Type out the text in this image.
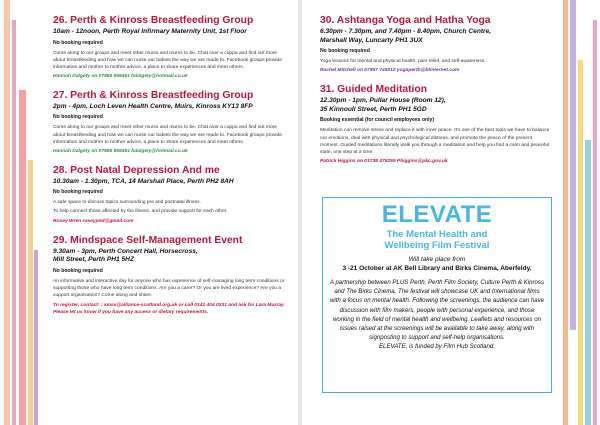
26. Perth & Kinross Breastfeeding Group
10am - 12noon, Perth Royal Infirmary Maternity Unit, 1st Floor
No booking required
Come along to our groups and meet other mums and mums to be. Chat over a cuppa and find out more about breastfeeding and how we can nurse our babies the way we are made to. Facebook groups provide information and mother to mother advice, a place to share experiences and meet others.
Hannah Dalgety on 07886 859461 hdalgety@hotmail.co.uk
27. Perth & Kinross Breastfeeding Group
2pm - 4pm, Loch Leven Health Centre, Muirs, Kinross KY13 8FP
No booking required
Come along to our groups and meet other mums and mums to be. Chat over a cuppa and find out more about breastfeeding and how we can nurse our babies the way we are made to. Facebook groups provide information and mother to mother advice, a place to share experiences and meet others.
Hannah Dalgety on 07886 859461 hdalgety@hotmail.co.uk
28. Post Natal Depression And me
10.30am - 1.30pm, TCA, 14 Marshall Place, Perth PH2 8AH
No booking required
A safe space to discuss topics surrounding pre and postnatal illness.
To help connect those affected by the illness, and provide support for each other.
Rosey Wren roseypnd@gmail.com
29. Mindspace Self-Management Event
9.30am - 3pm, Perth Concert Hall, Horsecross,
Mill Street, Perth PH1 5HZ
No booking required
An informative and interactive day for anyone who has experience of self-managing long term conditions or supporting those who have long term conditions. Are you a carer? Or you are lived experience? Are you a support organisation? Come along and share.
To register, contact: : smss@alliance-scotland.org.uk or call 0141 404 0231 and ask for Lara Murray. Please let us know if you have any access or dietary requirements.
30. Ashtanga Yoga and Hatha Yoga
6.30pm - 7.30pm, and 7.40pm - 8.40pm, Church Centre,
Marshall Way, Luncarty PH1 3UX
No booking required
Yoga lessons for mental and physical health, pain relief, and self-awareness.
Rachel Mitchell on 07967 749312 yogaperth@btinternet.com
31. Guided Meditation
12.30pm - 1pm, Pullar House (Room 12),
35 Kinnoull Street, Perth PH1 5GD
Booking essential (for council employees only)
Meditation can remove stress and replace it with inner peace. It's one of the best tools we have to balance our emotions, deal with physical and psychological distress, and promote the peace of the present moment. Guided meditations literally walk you through a meditation and help you find a calm and peaceful state, one step at a time.
Patrick Higgins on 01738 475259 Phiggins@pkc.gov.uk
ELEVATE
The Mental Health and
Wellbeing Film Festival
Will take place from
3 -21 October at AK Bell Library and Birks Cinema, Aberfeldy.

A partnership between PLUS Perth, Perth Film Society, Culture Perth & Kinross and The Birks Cinema. The festival will showcase UK and International films with a focus on mental health. Following the screenings, the audience can have discussion with film makers, people with personal experience, and those working in the field of mental health and wellbeing. Leaflets and resources on issues raised at the screenings will be available to take away, along with signposting to support and self-help organisations.

ELEVATE, is funded by Film Hub Scotland.
